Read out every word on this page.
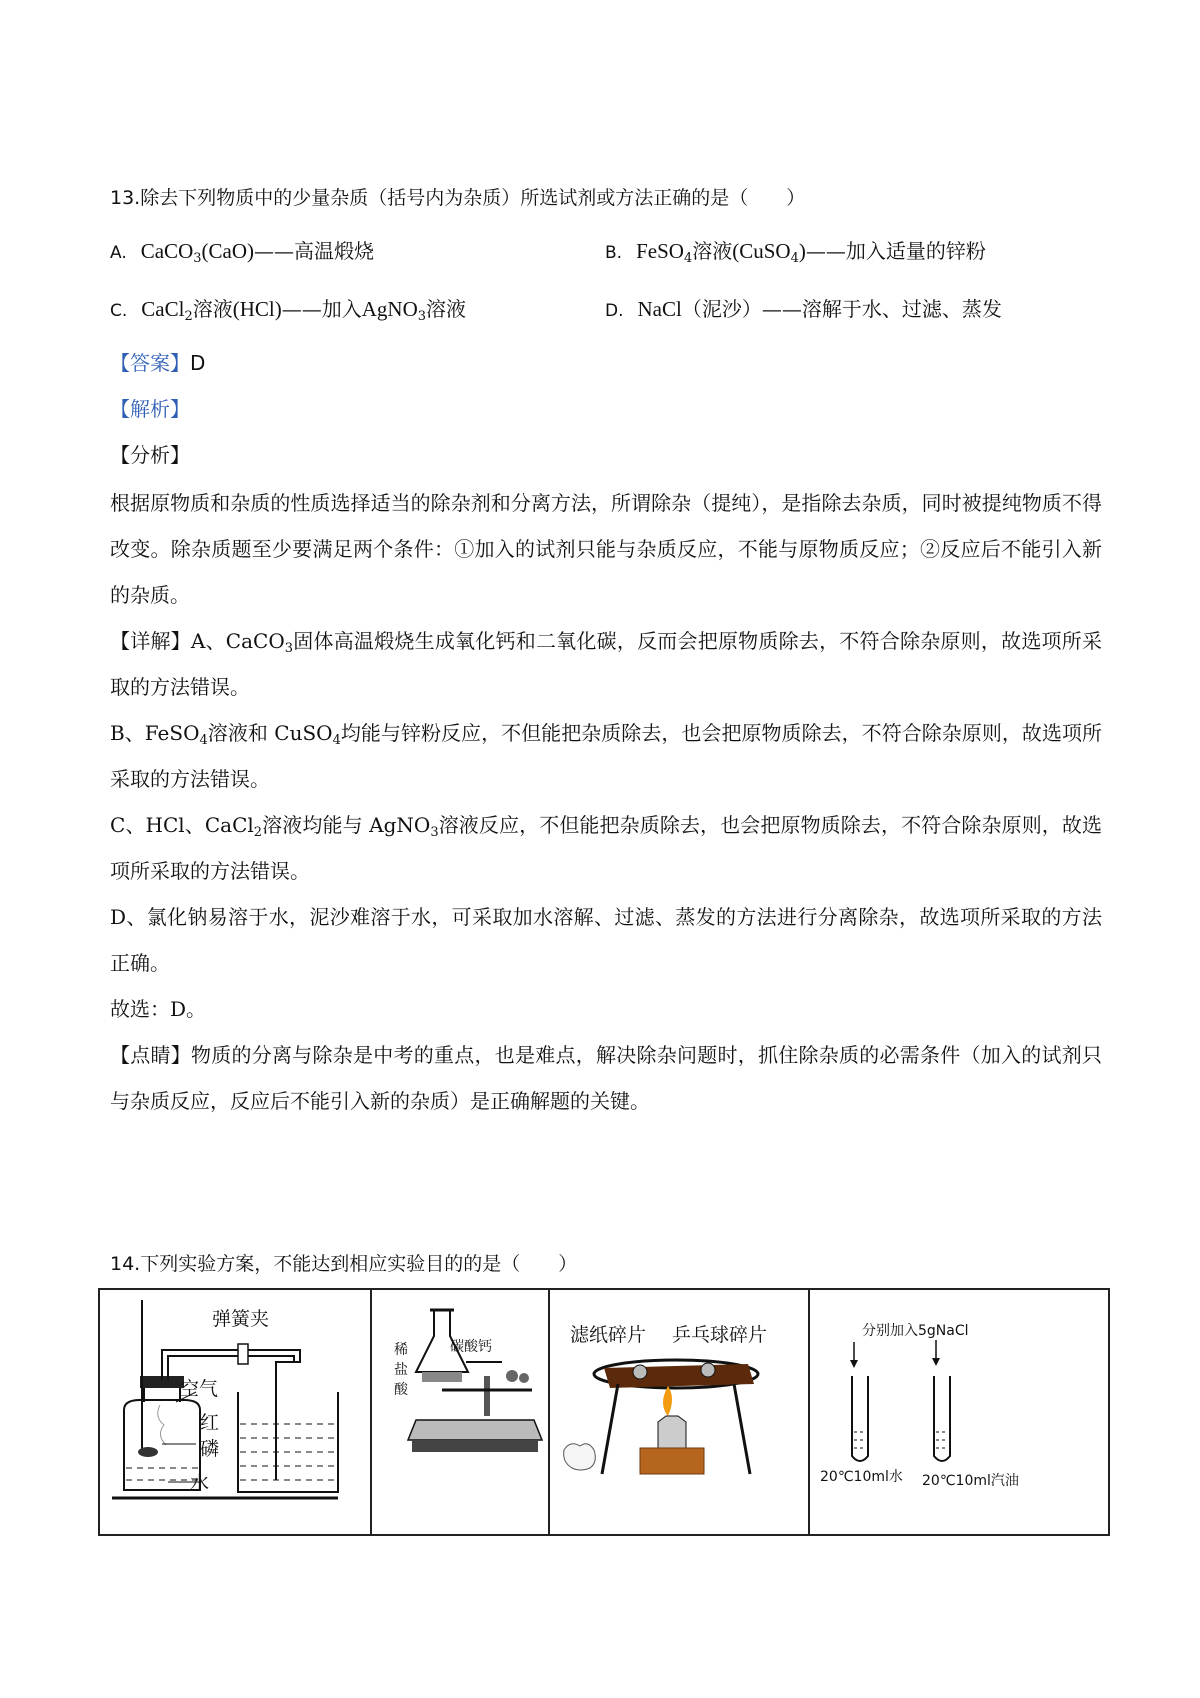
13.除去下列物质中的少量杂质（括号内为杂质）所选试剂或方法正确的是（　　）
A. CaCO$_3$(CaO)——高温煅烧	B. FeSO$_4$溶液(CuSO$_4$)——加入适量的锌粉
C. CaCl$_2$溶液(HCl)——加入AgNO$_3$溶液	D. NaCl（泥沙）——溶解于水、过滤、蒸发
【答案】D
【解析】
【分析】

根据原物质和杂质的性质选择适当的除杂剂和分离方法，所谓除杂（提纯），是指除去杂质，同时被提纯物质不得改变。除杂质题至少要满足两个条件：①加入的试剂只能与杂质反应，不能与原物质反应；②反应后不能引入新的杂质。

【详解】A、CaCO$_3$固体高温煅烧生成氧化钙和二氧化碳，反而会把原物质除去，不符合除杂原则，故选项所采取的方法错误。

B、FeSO$_4$溶液和 CuSO$_4$均能与锌粉反应，不但能把杂质除去，也会把原物质除去，不符合除杂原则，故选项所采取的方法错误。

C、HCl、CaCl$_2$溶液均能与 AgNO$_3$溶液反应，不但能把杂质除去，也会把原物质除去，不符合除杂原则，故选项所采取的方法错误。

D、氯化钠易溶于水，泥沙难溶于水，可采取加水溶解、过滤、蒸发的方法进行分离除杂，故选项所采取的方法正确。

故选：D。

【点睛】物质的分离与除杂是中考的重点，也是难点，解决除杂问题时，抓住除杂质的必需条件（加入的试剂只与杂质反应，反应后不能引入新的杂质）是正确解题的关键。

14.下列实验方案，不能达到相应实验目的的是（　　）
弹簧夹
空气
红
磷
水

稀
盐
酸
碳酸钙

滤纸碎片 乒乓球碎片	分别加入5gNaCl
20℃10ml水 20℃10ml汽油
